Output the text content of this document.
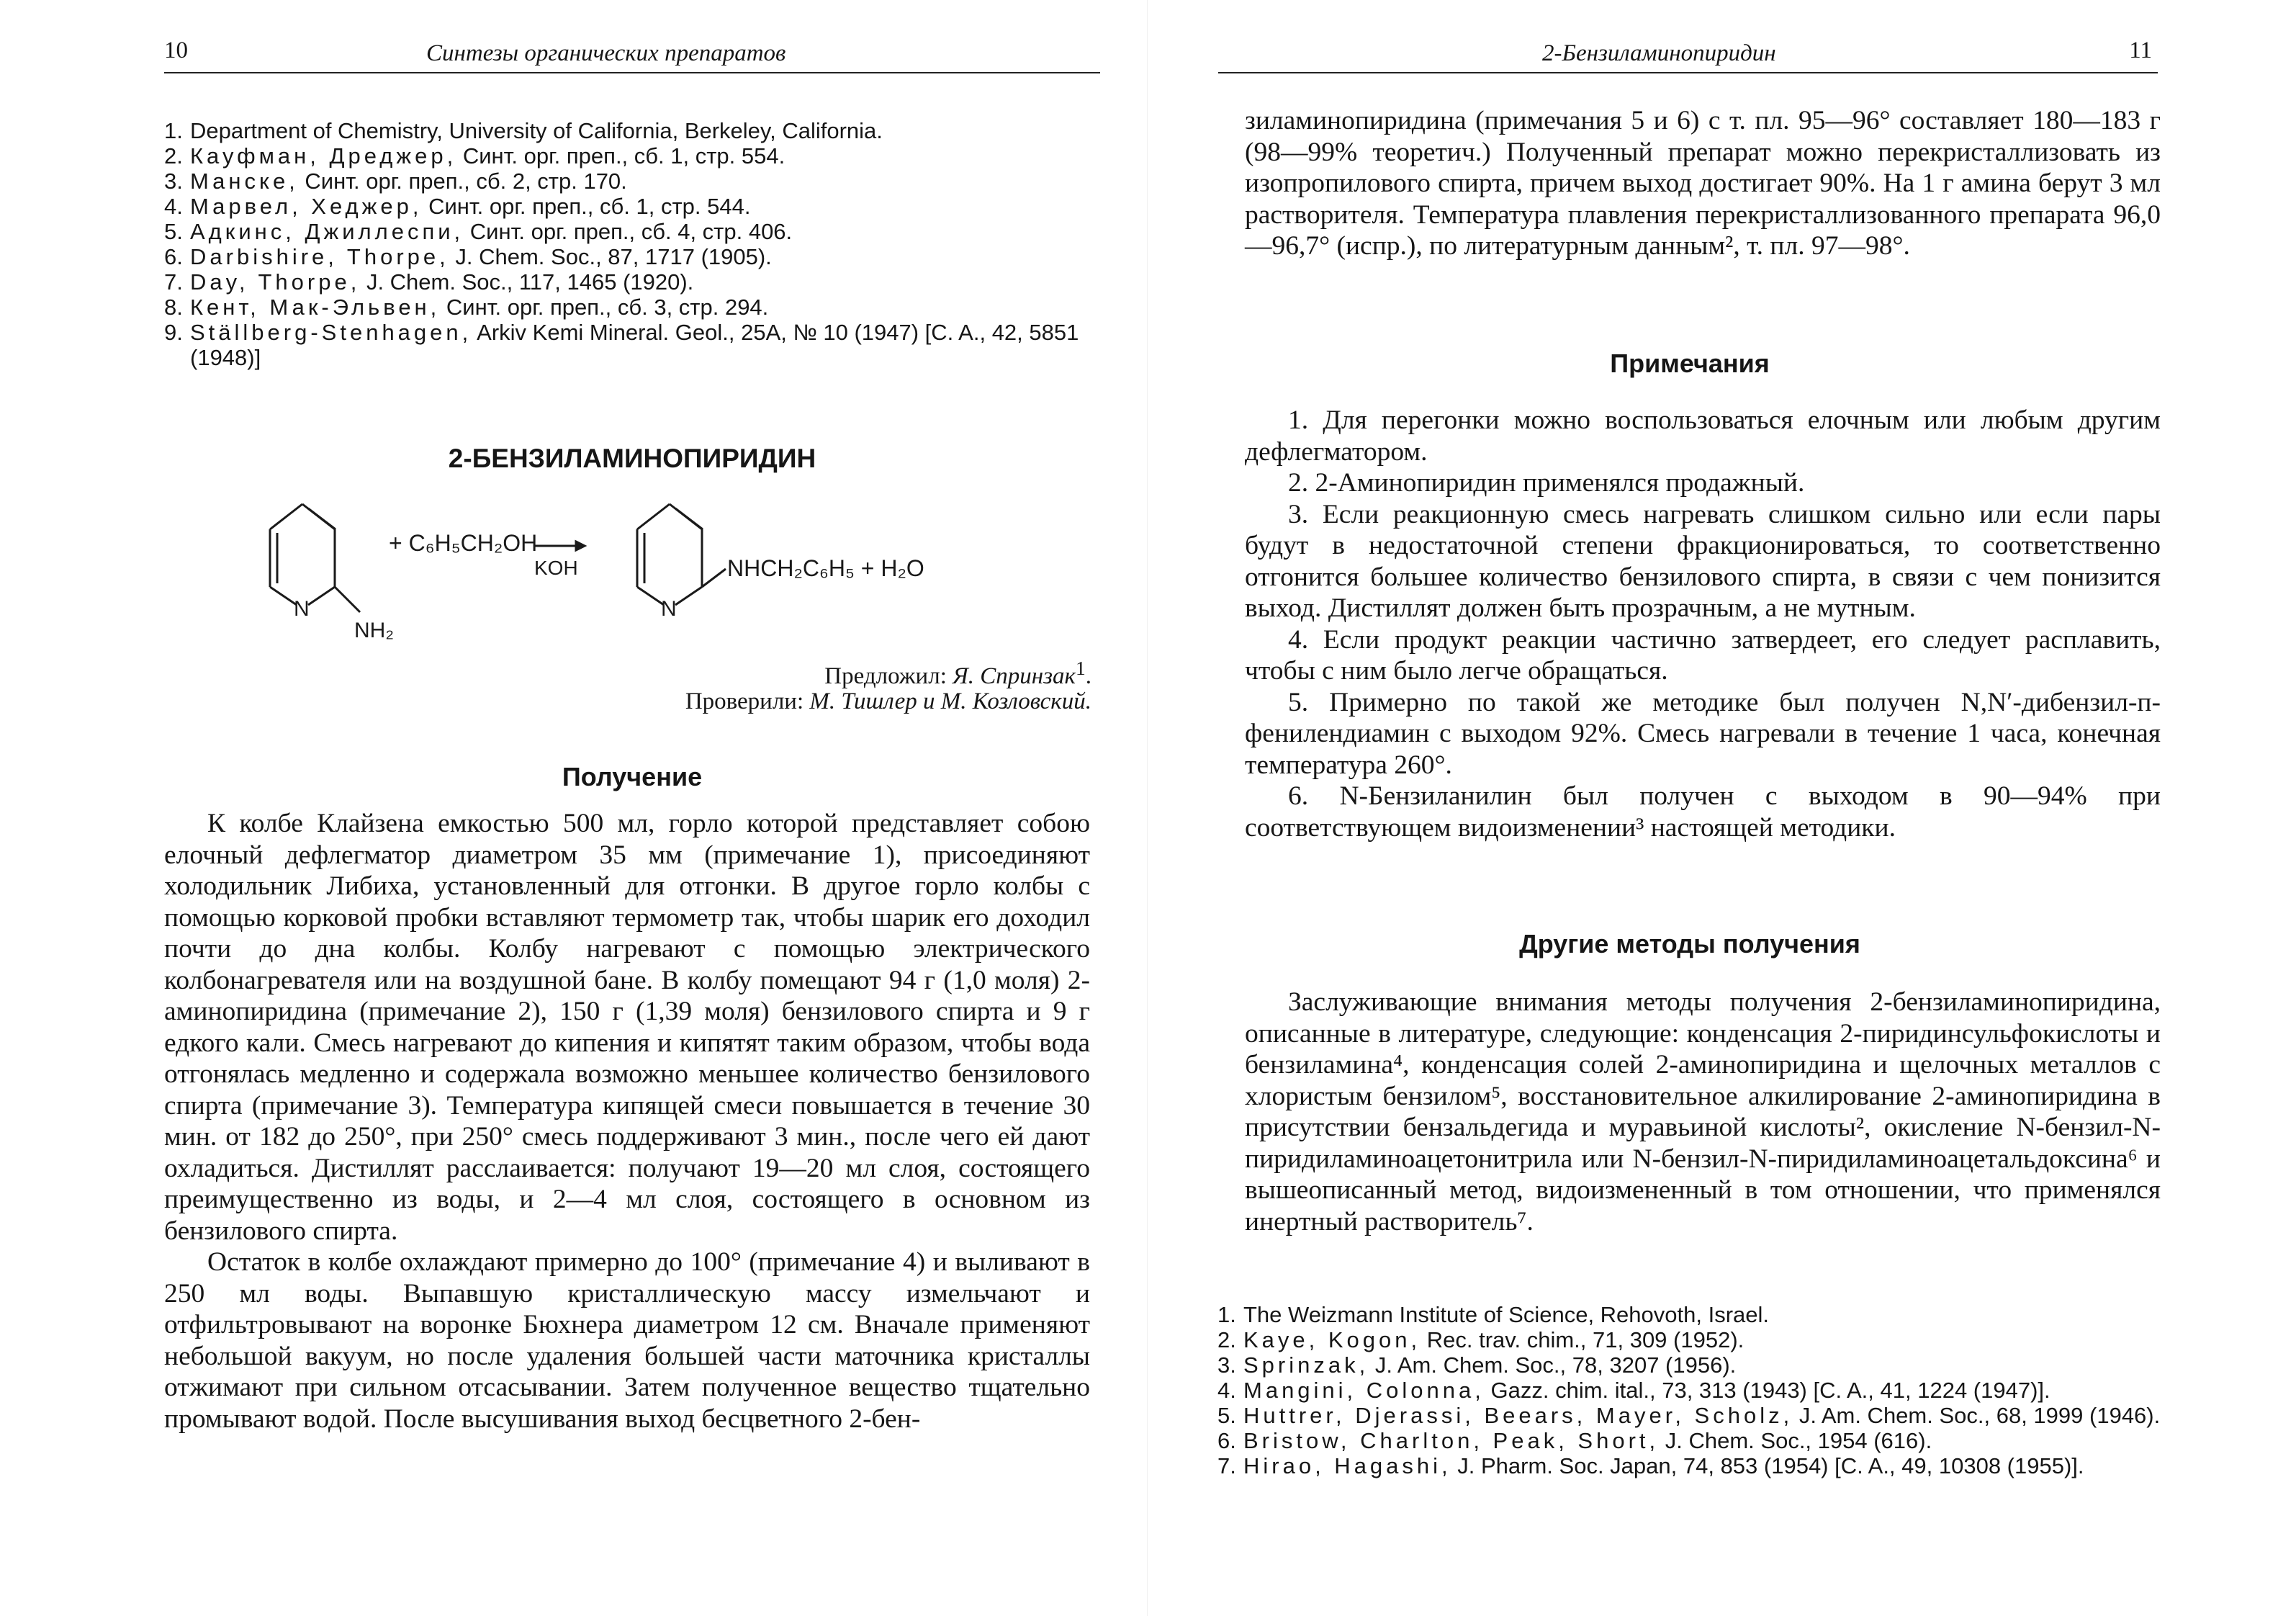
10	Синтезы органических препаратов
1. Department of Chemistry, University of California, Berkeley, California.
2. Кауфман, Дреджер, Синт. орг. преп., сб. 1, стр. 554.
3. Манске, Синт. орг. преп., сб. 2, стр. 170.
4. Марвел, Хеджер, Синт. орг. преп., сб. 1, стр. 544.
5. Адкинс, Джиллеспи, Синт. орг. преп., сб. 4, стр. 406.
6. Darbishire, Thorpe, J. Chem. Soc., 87, 1717 (1905).
7. Day, Thorpe, J. Chem. Soc., 117, 1465 (1920).
8. Кент, Мак-Эльвен, Синт. орг. преп., сб. 3, стр. 294.
9. Ställberg-Stenhagen, Arkiv Kemi Mineral. Geol., 25A, № 10 (1947) [C. A., 42, 5851 (1948)]
2-БЕНЗИЛАМИНОПИРИДИН
N
NH₂
+ C₆H₅CH₂OH
KOH
N
NHCH₂C₆H₅ + H₂O
Предложил: Я. Спринзак$^1$.
Проверили: М. Тишлер и М. Козловский.
Получение

К колбе Клайзена емкостью 500 мл, горло которой представляет собою елочный дефлегматор диаметром 35 мм (примечание 1), присоединяют холодильник Либиха, установленный для отгонки. В другое горло колбы с помощью корковой пробки вставляют термометр так, чтобы шарик его доходил почти до дна колбы. Колбу нагревают с помощью электрического колбонагревателя или на воздушной бане. В колбу помещают 94 г (1,0 моля) 2-аминопиридина (примечание 2), 150 г (1,39 моля) бензилового спирта и 9 г едкого кали. Смесь нагревают до кипения и кипятят таким образом, чтобы вода отгонялась медленно и содержала возможно меньшее количество бензилового спирта (примечание 3). Температура кипящей смеси повышается в течение 30 мин. от 182 до 250°, при 250° смесь поддерживают 3 мин., после чего ей дают охладиться. Дистиллят расслаивается: получают 19—20 мл слоя, состоящего преимущественно из воды, и 2—4 мл слоя, состоящего в основном из бензилового спирта.

Остаток в колбе охлаждают примерно до 100° (примечание 4) и выливают в 250 мл воды. Выпавшую кристаллическую массу измельчают и отфильтровывают на воронке Бюхнера диаметром 12 см. Вначале применяют небольшой вакуум, но после удаления большей части маточника кристаллы отжимают при сильном отсасывании. Затем полученное вещество тщательно промывают водой. После высушивания выход бесцветного 2-бен-

2-Бензиламинопиридин	11

зиламинопиридина (примечания 5 и 6) с т. пл. 95—96° составляет 180—183 г (98—99% теоретич.) Полученный препарат можно перекристаллизовать из изопропилового спирта, причем выход достигает 90%. На 1 г амина берут 3 мл растворителя. Температура плавления перекристаллизованного препарата 96,0—96,7° (испр.), по литературным данным², т. пл. 97—98°.

Примечания

1. Для перегонки можно воспользоваться елочным или любым другим дефлегматором.

2. 2-Аминопиридин применялся продажный.

3. Если реакционную смесь нагревать слишком сильно или если пары будут в недостаточной степени фракционироваться, то соответственно отгонится большее количество бензилового спирта, в связи с чем понизится выход. Дистиллят должен быть прозрачным, а не мутным.

4. Если продукт реакции частично затвердеет, его следует расплавить, чтобы с ним было легче обращаться.

5. Примерно по такой же методике был получен N,N′-дибензил-п-фенилендиамин с выходом 92%. Смесь нагревали в течение 1 часа, конечная температура 260°.

6. N-Бензиланилин был получен с выходом в 90—94% при соответствующем видоизменении³ настоящей методики.

Другие методы получения

Заслуживающие внимания методы получения 2-бензиламинопиридина, описанные в литературе, следующие: конденсация 2-пиридинсульфокислоты и бензиламина⁴, конденсация солей 2-аминопиридина и щелочных металлов с хлористым бензилом⁵, восстановительное алкилирование 2-аминопиридина в присутствии бензальдегида и муравьиной кислоты², окисление N-бензил-N-пиридиламиноацетонитрила или N-бензил-N-пиридиламиноацетальдоксина⁶ и вышеописанный метод, видоизмененный в том отношении, что применялся инертный растворитель⁷.

1. The Weizmann Institute of Science, Rehovoth, Israel.
2. Kaye, Kogon, Rec. trav. chim., 71, 309 (1952).
3. Sprinzak, J. Am. Chem. Soc., 78, 3207 (1956).
4. Mangini, Colonna, Gazz. chim. ital., 73, 313 (1943) [C. A., 41, 1224 (1947)].
5. Huttrer, Djerassi, Beears, Mayer, Scholz, J. Am. Chem. Soc., 68, 1999 (1946).
6. Bristow, Charlton, Peak, Short, J. Chem. Soc., 1954 (616).
7. Hirao, Hagashi, J. Pharm. Soc. Japan, 74, 853 (1954) [C. A., 49, 10308 (1955)].
